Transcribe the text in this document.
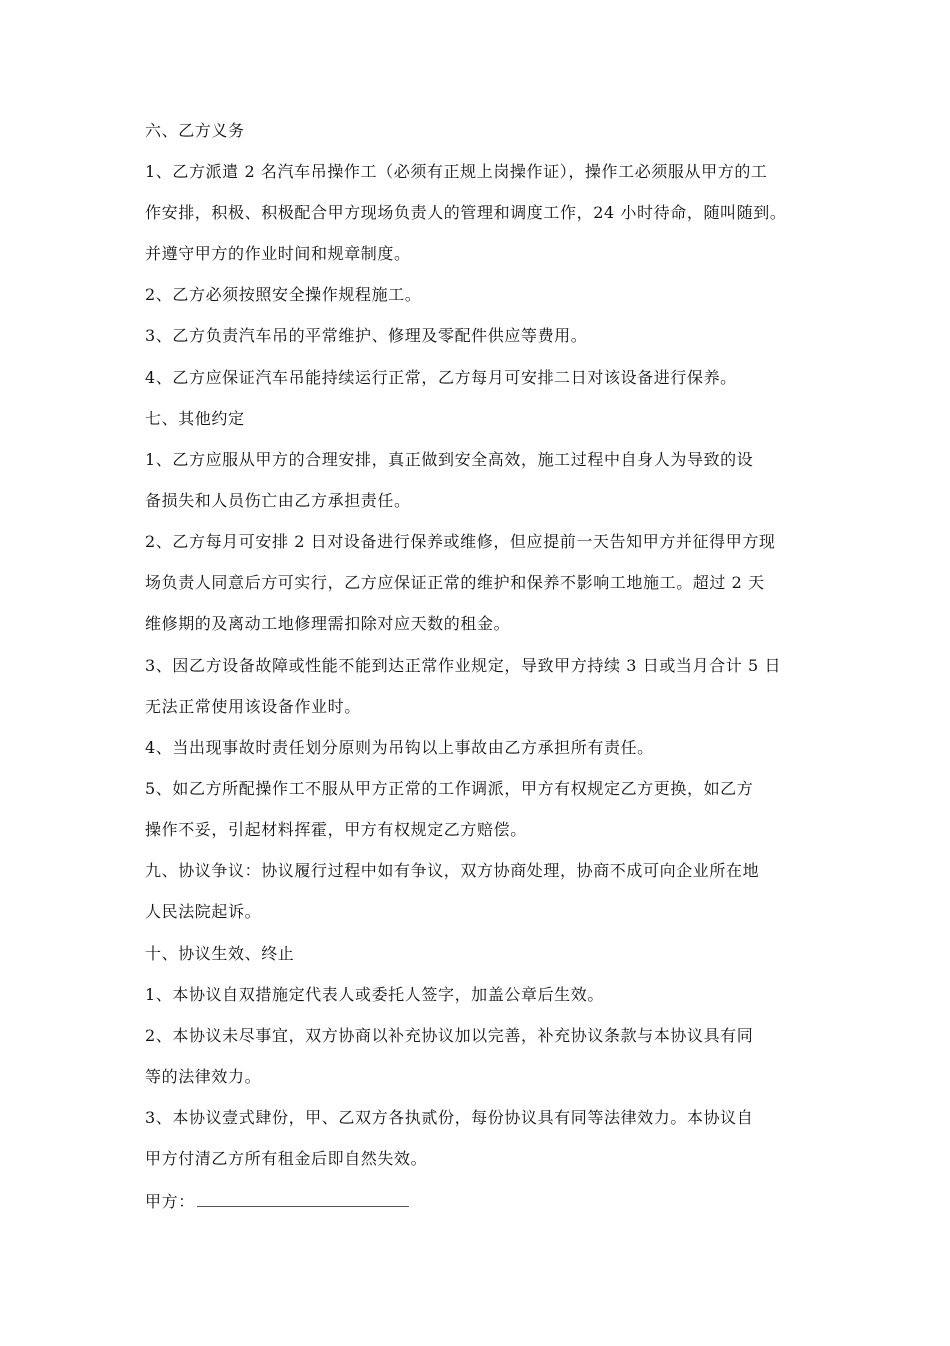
六、乙方义务
1、乙方派遣 2 名汽车吊操作工（必须有正规上岗操作证），操作工必须服从甲方的工
作安排，积极、积极配合甲方现场负责人的管理和调度工作，24 小时待命，随叫随到。
并遵守甲方的作业时间和规章制度。
2、乙方必须按照安全操作规程施工。
3、乙方负责汽车吊的平常维护、修理及零配件供应等费用。
4、乙方应保证汽车吊能持续运行正常，乙方每月可安排二日对该设备进行保养。
七、其他约定
1、乙方应服从甲方的合理安排，真正做到安全高效，施工过程中自身人为导致的设
备损失和人员伤亡由乙方承担责任。
2、乙方每月可安排 2 日对设备进行保养或维修，但应提前一天告知甲方并征得甲方现
场负责人同意后方可实行，乙方应保证正常的维护和保养不影响工地施工。超过 2 天
维修期的及离动工地修理需扣除对应天数的租金。
3、因乙方设备故障或性能不能到达正常作业规定，导致甲方持续 3 日或当月合计 5 日
无法正常使用该设备作业时。
4、当出现事故时责任划分原则为吊钩以上事故由乙方承担所有责任。
5、如乙方所配操作工不服从甲方正常的工作调派，甲方有权规定乙方更换，如乙方
操作不妥，引起材料挥霍，甲方有权规定乙方赔偿。
九、协议争议：协议履行过程中如有争议，双方协商处理，协商不成可向企业所在地
人民法院起诉。
十、协议生效、终止
1、本协议自双措施定代表人或委托人签字，加盖公章后生效。
2、本协议未尽事宜，双方协商以补充协议加以完善，补充协议条款与本协议具有同
等的法律效力。
3、本协议壹式肆份，甲、乙双方各执贰份，每份协议具有同等法律效力。本协议自
甲方付清乙方所有租金后即自然失效。
甲方：
